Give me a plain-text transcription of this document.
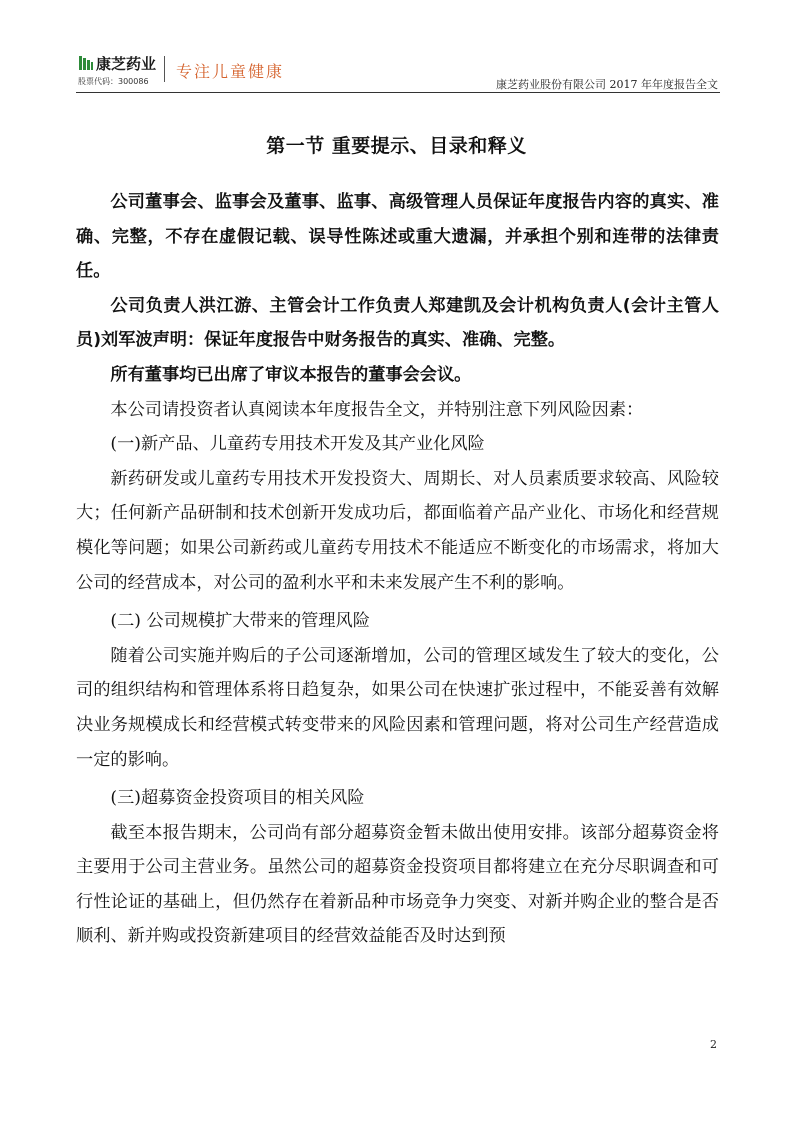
康芝药业
股票代码：300086
专注儿童健康
康芝药业股份有限公司 2017 年年度报告全文
第一节 重要提示、目录和释义

公司董事会、监事会及董事、监事、高级管理人员保证年度报告内容的真实、准确、完整，不存在虚假记载、误导性陈述或重大遗漏，并承担个别和连带的法律责任。

公司负责人洪江游、主管会计工作负责人郑建凯及会计机构负责人(会计主管人员)刘军波声明：保证年度报告中财务报告的真实、准确、完整。

所有董事均已出席了审议本报告的董事会会议。

本公司请投资者认真阅读本年度报告全文，并特别注意下列风险因素：

(一)新产品、儿童药专用技术开发及其产业化风险

新药研发或儿童药专用技术开发投资大、周期长、对人员素质要求较高、风险较大；任何新产品研制和技术创新开发成功后，都面临着产品产业化、市场化和经营规模化等问题；如果公司新药或儿童药专用技术不能适应不断变化的市场需求，将加大公司的经营成本，对公司的盈利水平和未来发展产生不利的影响。

(二) 公司规模扩大带来的管理风险

随着公司实施并购后的子公司逐渐增加，公司的管理区域发生了较大的变化，公司的组织结构和管理体系将日趋复杂，如果公司在快速扩张过程中，不能妥善有效解决业务规模成长和经营模式转变带来的风险因素和管理问题，将对公司生产经营造成一定的影响。

(三)超募资金投资项目的相关风险

截至本报告期末，公司尚有部分超募资金暂未做出使用安排。该部分超募资金将主要用于公司主营业务。虽然公司的超募资金投资项目都将建立在充分尽职调查和可行性论证的基础上，但仍然存在着新品种市场竞争力突变、对新并购企业的整合是否顺利、新并购或投资新建项目的经营效益能否及时达到预

2
